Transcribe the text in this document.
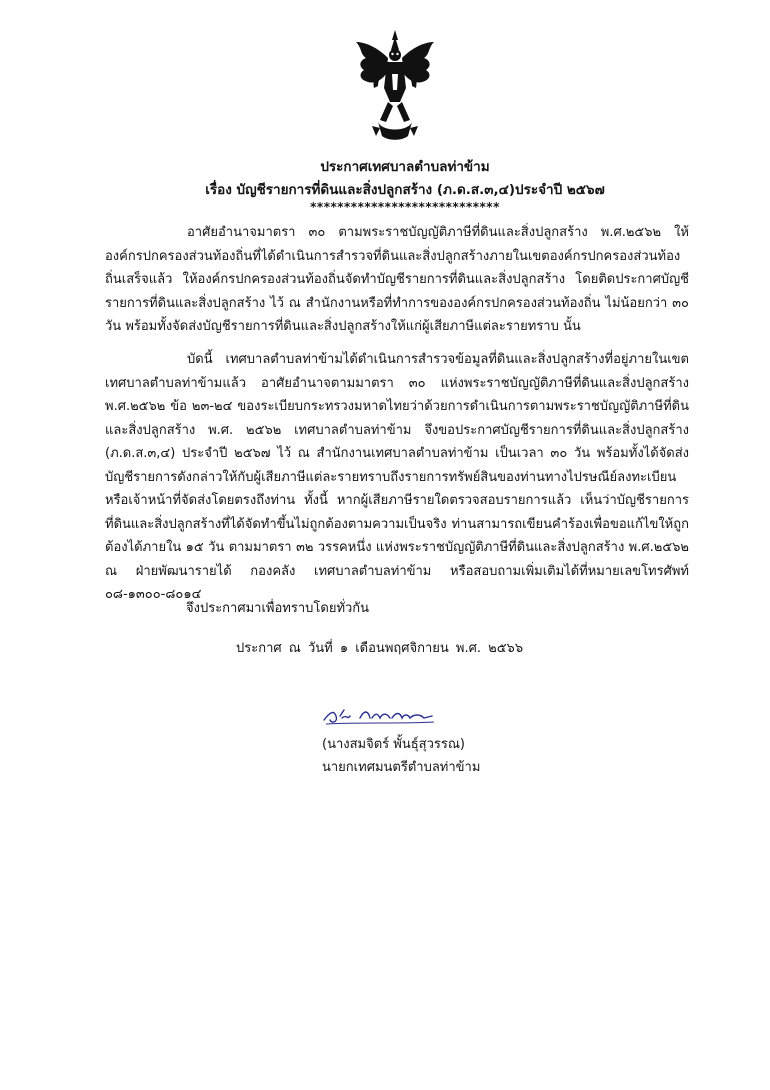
ประกาศเทศบาลตำบลท่าข้าม
เรื่อง บัญชีรายการที่ดินและสิ่งปลูกสร้าง (ภ.ด.ส.๓,๔)ประจำปี ๒๕๖๗
****************************
อาศัยอำนาจมาตรา ๓๐ ตามพระราชบัญญัติภาษีที่ดินและสิ่งปลูกสร้าง พ.ศ.๒๕๖๒ ให้องค์กรปกครองส่วนท้องถิ่นที่ได้ดำเนินการสำรวจที่ดินและสิ่งปลูกสร้างภายในเขตองค์กรปกครองส่วนท้องถิ่นเสร็จแล้ว ให้องค์กรปกครองส่วนท้องถิ่นจัดทำบัญชีรายการที่ดินและสิ่งปลูกสร้าง โดยติดประกาศบัญชีรายการที่ดินและสิ่งปลูกสร้าง ไว้ ณ สำนักงานหรือที่ทำการขององค์กรปกครองส่วนท้องถิ่น ไม่น้อยกว่า ๓๐ วัน พร้อมทั้งจัดส่งบัญชีรายการที่ดินและสิ่งปลูกสร้างให้แก่ผู้เสียภาษีแต่ละรายทราบ นั้น
บัดนี้ เทศบาลตำบลท่าข้ามได้ดำเนินการสำรวจข้อมูลที่ดินและสิ่งปลูกสร้างที่อยู่ภายในเขตเทศบาลตำบลท่าข้ามแล้ว อาศัยอำนาจตามมาตรา ๓๐ แห่งพระราชบัญญัติภาษีที่ดินและสิ่งปลูกสร้าง พ.ศ.๒๕๖๒ ข้อ ๒๓-๒๔ ของระเบียบกระทรวงมหาดไทยว่าด้วยการดำเนินการตามพระราชบัญญัติภาษีที่ดินและสิ่งปลูกสร้าง พ.ศ. ๒๕๖๒ เทศบาลตำบลท่าข้าม จึงขอประกาศบัญชีรายการที่ดินและสิ่งปลูกสร้าง (ภ.ด.ส.๓,๔) ประจำปี ๒๕๖๗ ไว้ ณ สำนักงานเทศบาลตำบลท่าข้าม เป็นเวลา ๓๐ วัน พร้อมทั้งได้จัดส่งบัญชีรายการดังกล่าวให้กับผู้เสียภาษีแต่ละรายทราบถึงรายการทรัพย์สินของท่านทางไปรษณีย์ลงทะเบียนหรือเจ้าหน้าที่จัดส่งโดยตรงถึงท่าน ทั้งนี้ หากผู้เสียภาษีรายใดตรวจสอบรายการแล้ว เห็นว่าบัญชีรายการที่ดินและสิ่งปลูกสร้างที่ได้จัดทำขึ้นไม่ถูกต้องตามความเป็นจริง ท่านสามารถเขียนคำร้องเพื่อขอแก้ไขให้ถูกต้องได้ภายใน ๑๕ วัน ตามมาตรา ๓๒ วรรคหนึ่ง แห่งพระราชบัญญัติภาษีที่ดินและสิ่งปลูกสร้าง พ.ศ.๒๕๖๒ ณ ฝ่ายพัฒนารายได้ กองคลัง เทศบาลตำบลท่าข้าม หรือสอบถามเพิ่มเติมได้ที่หมายเลขโทรศัพท์ ๐๘-๑๓๐๐-๘๐๑๔
จึงประกาศมาเพื่อทราบโดยทั่วกัน
ประกาศ ณ วันที่ ๑ เดือนพฤศจิกายน พ.ศ. ๒๕๖๖
(นางสมจิตร์ พั้นธุ์สุวรรณ)
นายกเทศมนตรีตำบลท่าข้าม
